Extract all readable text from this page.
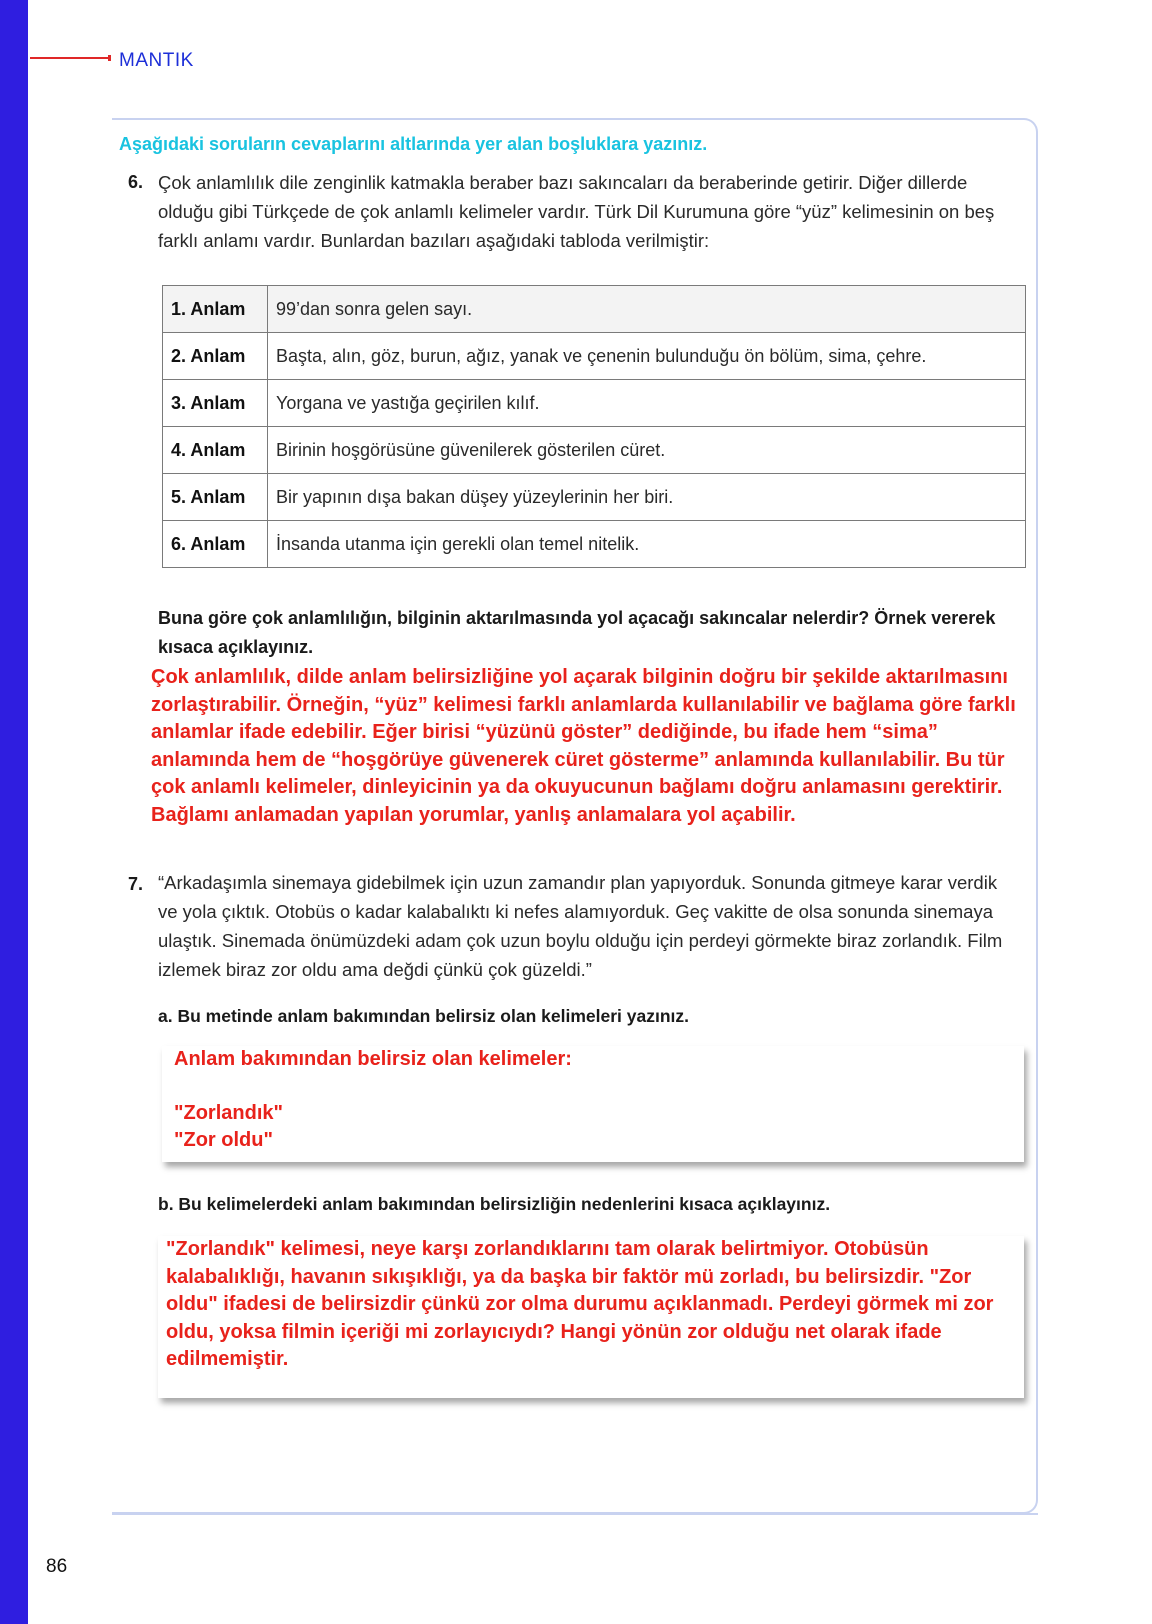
MANTIK
Aşağıdaki soruların cevaplarını altlarında yer alan boşluklara yazınız.
6. Çok anlamlılık dile zenginlik katmakla beraber bazı sakıncaları da beraberinde getirir. Diğer dillerde olduğu gibi Türkçede de çok anlamlı kelimeler vardır. Türk Dil Kurumuna göre “yüz” kelimesinin on beş farklı anlamı vardır. Bunlardan bazıları aşağıdaki tabloda verilmiştir:
1. Anlam	99’dan sonra gelen sayı.
2. Anlam	Başta, alın, göz, burun, ağız, yanak ve çenenin bulunduğu ön bölüm, sima, çehre.
3. Anlam	Yorgana ve yastığa geçirilen kılıf.
4. Anlam	Birinin hoşgörüsüne güvenilerek gösterilen cüret.
5. Anlam	Bir yapının dışa bakan düşey yüzeylerinin her biri.
6. Anlam	İnsanda utanma için gerekli olan temel nitelik.
Buna göre çok anlamlılığın, bilginin aktarılmasında yol açacağı sakıncalar nelerdir? Örnek vererek kısaca açıklayınız.
Çok anlamlılık, dilde anlam belirsizliğine yol açarak bilginin doğru bir şekilde aktarılmasını zorlaştırabilir. Örneğin, “yüz” kelimesi farklı anlamlarda kullanılabilir ve bağlama göre farklı anlamlar ifade edebilir. Eğer birisi “yüzünü göster” dediğinde, bu ifade hem “sima” anlamında hem de “hoşgörüye güvenerek cüret gösterme” anlamında kullanılabilir. Bu tür çok anlamlı kelimeler, dinleyicinin ya da okuyucunun bağlamı doğru anlamasını gerektirir. Bağlamı anlamadan yapılan yorumlar, yanlış anlamalara yol açabilir.
7. “Arkadaşımla sinemaya gidebilmek için uzun zamandır plan yapıyorduk. Sonunda gitmeye karar verdik ve yola çıktık. Otobüs o kadar kalabalıktı ki nefes alamıyorduk. Geç vakitte de olsa sonunda sinemaya ulaştık. Sinemada önümüzdeki adam çok uzun boylu olduğu için perdeyi görmekte biraz zorlandık. Film izlemek biraz zor oldu ama değdi çünkü çok güzeldi.”
a. Bu metinde anlam bakımından belirsiz olan kelimeleri yazınız.
Anlam bakımından belirsiz olan kelimeler:
"Zorlandık"
"Zor oldu"
b. Bu kelimelerdeki anlam bakımından belirsizliğin nedenlerini kısaca açıklayınız.
"Zorlandık" kelimesi, neye karşı zorlandıklarını tam olarak belirtmiyor. Otobüsün kalabalıklığı, havanın sıkışıklığı, ya da başka bir faktör mü zorladı, bu belirsizdir. "Zor oldu" ifadesi de belirsizdir çünkü zor olma durumu açıklanmadı. Perdeyi görmek mi zor oldu, yoksa filmin içeriği mi zorlayıcıydı? Hangi yönün zor olduğu net olarak ifade edilmemiştir.
86
